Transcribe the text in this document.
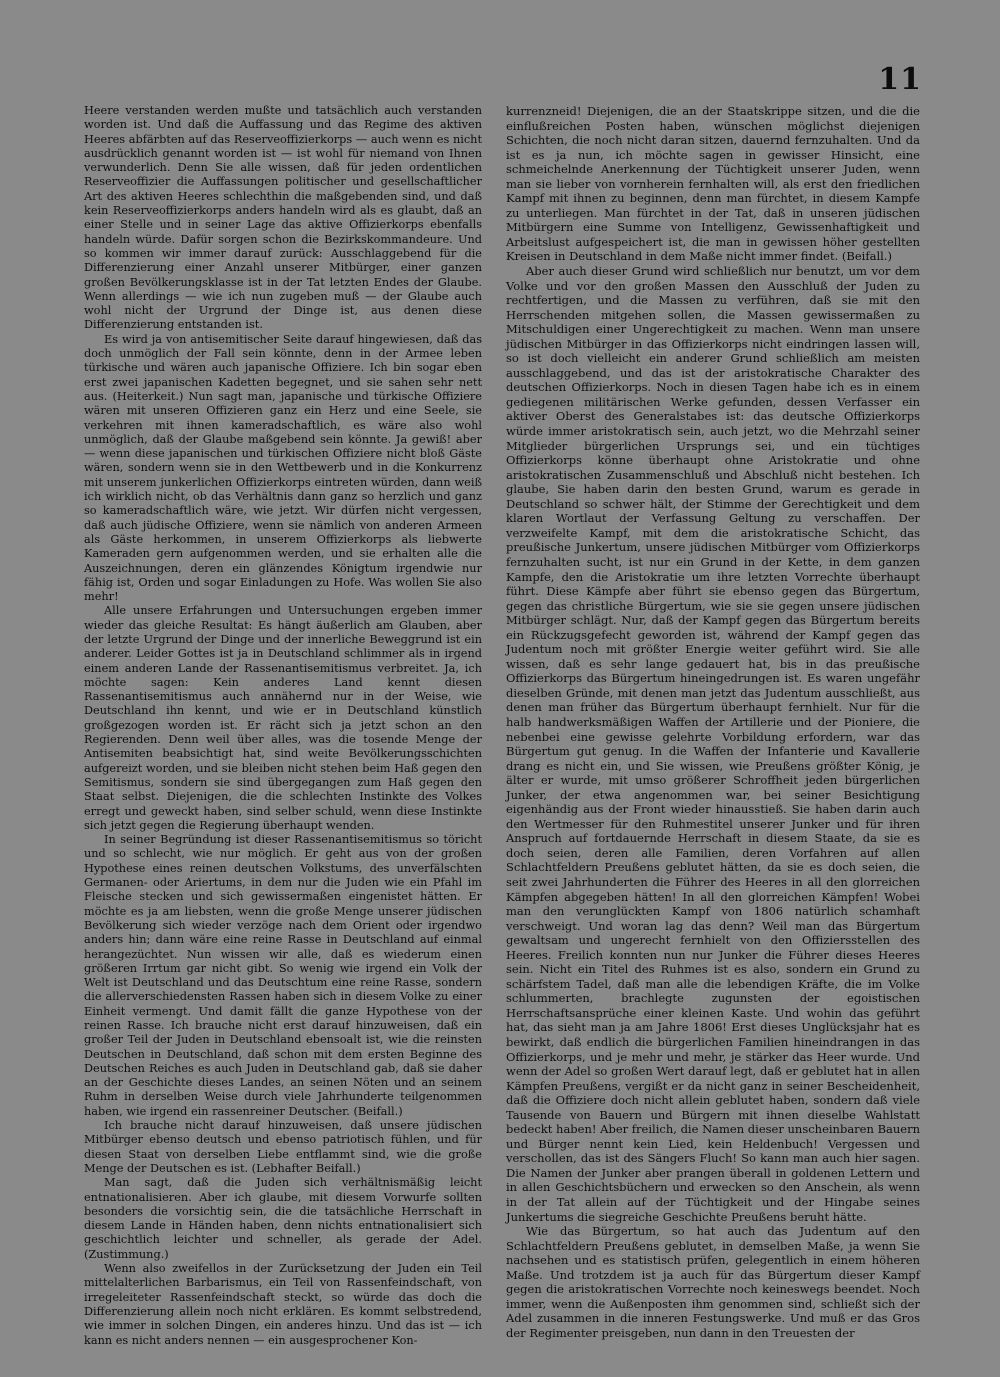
11

Heere verstanden werden mußte und tatsächlich auch verstanden worden ist. Und daß die Auffassung und das Regime des aktiven Heeres abfärbten auf das Reserveoffizierkorps — auch wenn es nicht ausdrücklich genannt worden ist — ist wohl für niemand von Ihnen verwunderlich. Denn Sie alle wissen, daß für jeden ordentlichen Reserveoffizier die Auffassungen politischer und gesellschaftlicher Art des aktiven Heeres schlechthin die maßgebenden sind, und daß kein Reserveoffizierkorps anders handeln wird als es glaubt, daß an einer Stelle und in seiner Lage das aktive Offizierkorps ebenfalls handeln würde. Dafür sorgen schon die Bezirkskommandeure. Und so kommen wir immer darauf zurück: Ausschlaggebend für die Differenzierung einer Anzahl unserer Mitbürger, einer ganzen großen Bevölkerungsklasse ist in der Tat letzten Endes der Glaube. Wenn allerdings — wie ich nun zugeben muß — der Glaube auch wohl nicht der Urgrund der Dinge ist, aus denen diese Differenzierung entstanden ist.

Es wird ja von antisemitischer Seite darauf hingewiesen, daß das doch unmöglich der Fall sein könnte, denn in der Armee leben türkische und wären auch japanische Offiziere. Ich bin sogar eben erst zwei japanischen Kadetten begegnet, und sie sahen sehr nett aus. (Heiterkeit.) Nun sagt man, japanische und türkische Offiziere wären mit unseren Offizieren ganz ein Herz und eine Seele, sie verkehren mit ihnen kameradschaftlich, es wäre also wohl unmöglich, daß der Glaube maßgebend sein könnte. Ja gewiß! aber — wenn diese japanischen und türkischen Offiziere nicht bloß Gäste wären, sondern wenn sie in den Wettbewerb und in die Konkurrenz mit unserem junkerlichen Offizierkorps eintreten würden, dann weiß ich wirklich nicht, ob das Verhältnis dann ganz so herzlich und ganz so kameradschaftlich wäre, wie jetzt. Wir dürfen nicht vergessen, daß auch jüdische Offiziere, wenn sie nämlich von anderen Armeen als Gäste herkommen, in unserem Offizierkorps als liebwerte Kameraden gern aufgenommen werden, und sie erhalten alle die Auszeichnungen, deren ein glänzendes Königtum irgendwie nur fähig ist, Orden und sogar Einladungen zu Hofe. Was wollen Sie also mehr!

Alle unsere Erfahrungen und Untersuchungen ergeben immer wieder das gleiche Resultat: Es hängt äußerlich am Glauben, aber der letzte Urgrund der Dinge und der innerliche Beweggrund ist ein anderer. Leider Gottes ist ja in Deutschland schlimmer als in irgend einem anderen Lande der Rassenantisemitismus verbreitet. Ja, ich möchte sagen: Kein anderes Land kennt diesen Rassenantisemitismus auch annähernd nur in der Weise, wie Deutschland ihn kennt, und wie er in Deutschland künstlich großgezogen worden ist. Er rächt sich ja jetzt schon an den Regierenden. Denn weil über alles, was die tosende Menge der Antisemiten beabsichtigt hat, sind weite Bevölkerungsschichten aufgereizt worden, und sie bleiben nicht stehen beim Haß gegen den Semitismus, sondern sie sind übergegangen zum Haß gegen den Staat selbst. Diejenigen, die die schlechten Instinkte des Volkes erregt und geweckt haben, sind selber schuld, wenn diese Instinkte sich jetzt gegen die Regierung überhaupt wenden.

In seiner Begründung ist dieser Rassenantisemitismus so töricht und so schlecht, wie nur möglich. Er geht aus von der großen Hypothese eines reinen deutschen Volkstums, des unverfälschten Germanen- oder Ariertums, in dem nur die Juden wie ein Pfahl im Fleische stecken und sich gewissermaßen eingenistet hätten. Er möchte es ja am liebsten, wenn die große Menge unserer jüdischen Bevölkerung sich wieder verzöge nach dem Orient oder irgendwo anders hin; dann wäre eine reine Rasse in Deutschland auf einmal herangezüchtet. Nun wissen wir alle, daß es wiederum einen größeren Irrtum gar nicht gibt. So wenig wie irgend ein Volk der Welt ist Deutschland und das Deutschtum eine reine Rasse, sondern die allerverschiedensten Rassen haben sich in diesem Volke zu einer Einheit vermengt. Und damit fällt die ganze Hypothese von der reinen Rasse. Ich brauche nicht erst darauf hinzuweisen, daß ein großer Teil der Juden in Deutschland ebensoalt ist, wie die reinsten Deutschen in Deutschland, daß schon mit dem ersten Beginne des Deutschen Reiches es auch Juden in Deutschland gab, daß sie daher an der Geschichte dieses Landes, an seinen Nöten und an seinem Ruhm in derselben Weise durch viele Jahrhunderte teilgenommen haben, wie irgend ein rassenreiner Deutscher. (Beifall.)

Ich brauche nicht darauf hinzuweisen, daß unsere jüdischen Mitbürger ebenso deutsch und ebenso patriotisch fühlen, und für diesen Staat von derselben Liebe entflammt sind, wie die große Menge der Deutschen es ist. (Lebhafter Beifall.)

Man sagt, daß die Juden sich verhältnismäßig leicht entnationalisieren. Aber ich glaube, mit diesem Vorwurfe sollten besonders die vorsichtig sein, die die tatsächliche Herrschaft in diesem Lande in Händen haben, denn nichts entnationalisiert sich geschichtlich leichter und schneller, als gerade der Adel. (Zustimmung.)

Wenn also zweifellos in der Zurücksetzung der Juden ein Teil mittelalterlichen Barbarismus, ein Teil von Rassenfeindschaft, von irregeleiteter Rassenfeindschaft steckt, so würde das doch die Differenzierung allein noch nicht erklären. Es kommt selbstredend, wie immer in solchen Dingen, ein anderes hinzu. Und das ist — ich kann es nicht anders nennen — ein ausgesprochener Kon-

kurrenzneid! Diejenigen, die an der Staatskrippe sitzen, und die die einflußreichen Posten haben, wünschen möglichst diejenigen Schichten, die noch nicht daran sitzen, dauernd fernzuhalten. Und da ist es ja nun, ich möchte sagen in gewisser Hinsicht, eine schmeichelnde Anerkennung der Tüchtigkeit unserer Juden, wenn man sie lieber von vornherein fernhalten will, als erst den friedlichen Kampf mit ihnen zu beginnen, denn man fürchtet, in diesem Kampfe zu unterliegen. Man fürchtet in der Tat, daß in unseren jüdischen Mitbürgern eine Summe von Intelligenz, Gewissenhaftigkeit und Arbeitslust aufgespeichert ist, die man in gewissen höher gestellten Kreisen in Deutschland in dem Maße nicht immer findet. (Beifall.)

Aber auch dieser Grund wird schließlich nur benutzt, um vor dem Volke und vor den großen Massen den Ausschluß der Juden zu rechtfertigen, und die Massen zu verführen, daß sie mit den Herrschenden mitgehen sollen, die Massen gewissermaßen zu Mitschuldigen einer Ungerechtigkeit zu machen. Wenn man unsere jüdischen Mitbürger in das Offizierkorps nicht eindringen lassen will, so ist doch vielleicht ein anderer Grund schließlich am meisten ausschlaggebend, und das ist der aristokratische Charakter des deutschen Offizierkorps. Noch in diesen Tagen habe ich es in einem gediegenen militärischen Werke gefunden, dessen Verfasser ein aktiver Oberst des Generalstabes ist: das deutsche Offizierkorps würde immer aristokratisch sein, auch jetzt, wo die Mehrzahl seiner Mitglieder bürgerlichen Ursprungs sei, und ein tüchtiges Offizierkorps könne überhaupt ohne Aristokratie und ohne aristokratischen Zusammenschluß und Abschluß nicht bestehen. Ich glaube, Sie haben darin den besten Grund, warum es gerade in Deutschland so schwer hält, der Stimme der Gerechtigkeit und dem klaren Wortlaut der Verfassung Geltung zu verschaffen. Der verzweifelte Kampf, mit dem die aristokratische Schicht, das preußische Junkertum, unsere jüdischen Mitbürger vom Offizierkorps fernzuhalten sucht, ist nur ein Grund in der Kette, in dem ganzen Kampfe, den die Aristokratie um ihre letzten Vorrechte überhaupt führt. Diese Kämpfe aber führt sie ebenso gegen das Bürgertum, gegen das christliche Bürgertum, wie sie sie gegen unsere jüdischen Mitbürger schlägt. Nur, daß der Kampf gegen das Bürgertum bereits ein Rückzugsgefecht geworden ist, während der Kampf gegen das Judentum noch mit größter Energie weiter geführt wird. Sie alle wissen, daß es sehr lange gedauert hat, bis in das preußische Offizierkorps das Bürgertum hineingedrungen ist. Es waren ungefähr dieselben Gründe, mit denen man jetzt das Judentum ausschließt, aus denen man früher das Bürgertum überhaupt fernhielt. Nur für die halb handwerksmäßigen Waffen der Artillerie und der Pioniere, die nebenbei eine gewisse gelehrte Vorbildung erfordern, war das Bürgertum gut genug. In die Waffen der Infanterie und Kavallerie drang es nicht ein, und Sie wissen, wie Preußens größter König, je älter er wurde, mit umso größerer Schroffheit jeden bürgerlichen Junker, der etwa angenommen war, bei seiner Besichtigung eigenhändig aus der Front wieder hinausstieß. Sie haben darin auch den Wertmesser für den Ruhmestitel unserer Junker und für ihren Anspruch auf fortdauernde Herrschaft in diesem Staate, da sie es doch seien, deren alle Familien, deren Vorfahren auf allen Schlachtfeldern Preußens geblutet hätten, da sie es doch seien, die seit zwei Jahrhunderten die Führer des Heeres in all den glorreichen Kämpfen abgegeben hätten! In all den glorreichen Kämpfen! Wobei man den verunglückten Kampf von 1806 natürlich schamhaft verschweigt. Und woran lag das denn? Weil man das Bürgertum gewaltsam und ungerecht fernhielt von den Offiziersstellen des Heeres. Freilich konnten nun nur Junker die Führer dieses Heeres sein. Nicht ein Titel des Ruhmes ist es also, sondern ein Grund zu schärfstem Tadel, daß man alle die lebendigen Kräfte, die im Volke schlummerten, brachlegte zugunsten der egoistischen Herrschaftsansprüche einer kleinen Kaste. Und wohin das geführt hat, das sieht man ja am Jahre 1806! Erst dieses Unglücksjahr hat es bewirkt, daß endlich die bürgerlichen Familien hineindrangen in das Offizierkorps, und je mehr und mehr, je stärker das Heer wurde. Und wenn der Adel so großen Wert darauf legt, daß er geblutet hat in allen Kämpfen Preußens, vergißt er da nicht ganz in seiner Bescheidenheit, daß die Offiziere doch nicht allein geblutet haben, sondern daß viele Tausende von Bauern und Bürgern mit ihnen dieselbe Wahlstatt bedeckt haben! Aber freilich, die Namen dieser unscheinbaren Bauern und Bürger nennt kein Lied, kein Heldenbuch! Vergessen und verschollen, das ist des Sängers Fluch! So kann man auch hier sagen. Die Namen der Junker aber prangen überall in goldenen Lettern und in allen Geschichtsbüchern und erwecken so den Anschein, als wenn in der Tat allein auf der Tüchtigkeit und der Hingabe seines Junkertums die siegreiche Geschichte Preußens beruht hätte.

Wie das Bürgertum, so hat auch das Judentum auf den Schlachtfeldern Preußens geblutet, in demselben Maße, ja wenn Sie nachsehen und es statistisch prüfen, gelegentlich in einem höheren Maße. Und trotzdem ist ja auch für das Bürgertum dieser Kampf gegen die aristokratischen Vorrechte noch keineswegs beendet. Noch immer, wenn die Außenposten ihm genommen sind, schließt sich der Adel zusammen in die inneren Festungswerke. Und muß er das Gros der Regimenter preisgeben, nun dann in den Treuesten der
